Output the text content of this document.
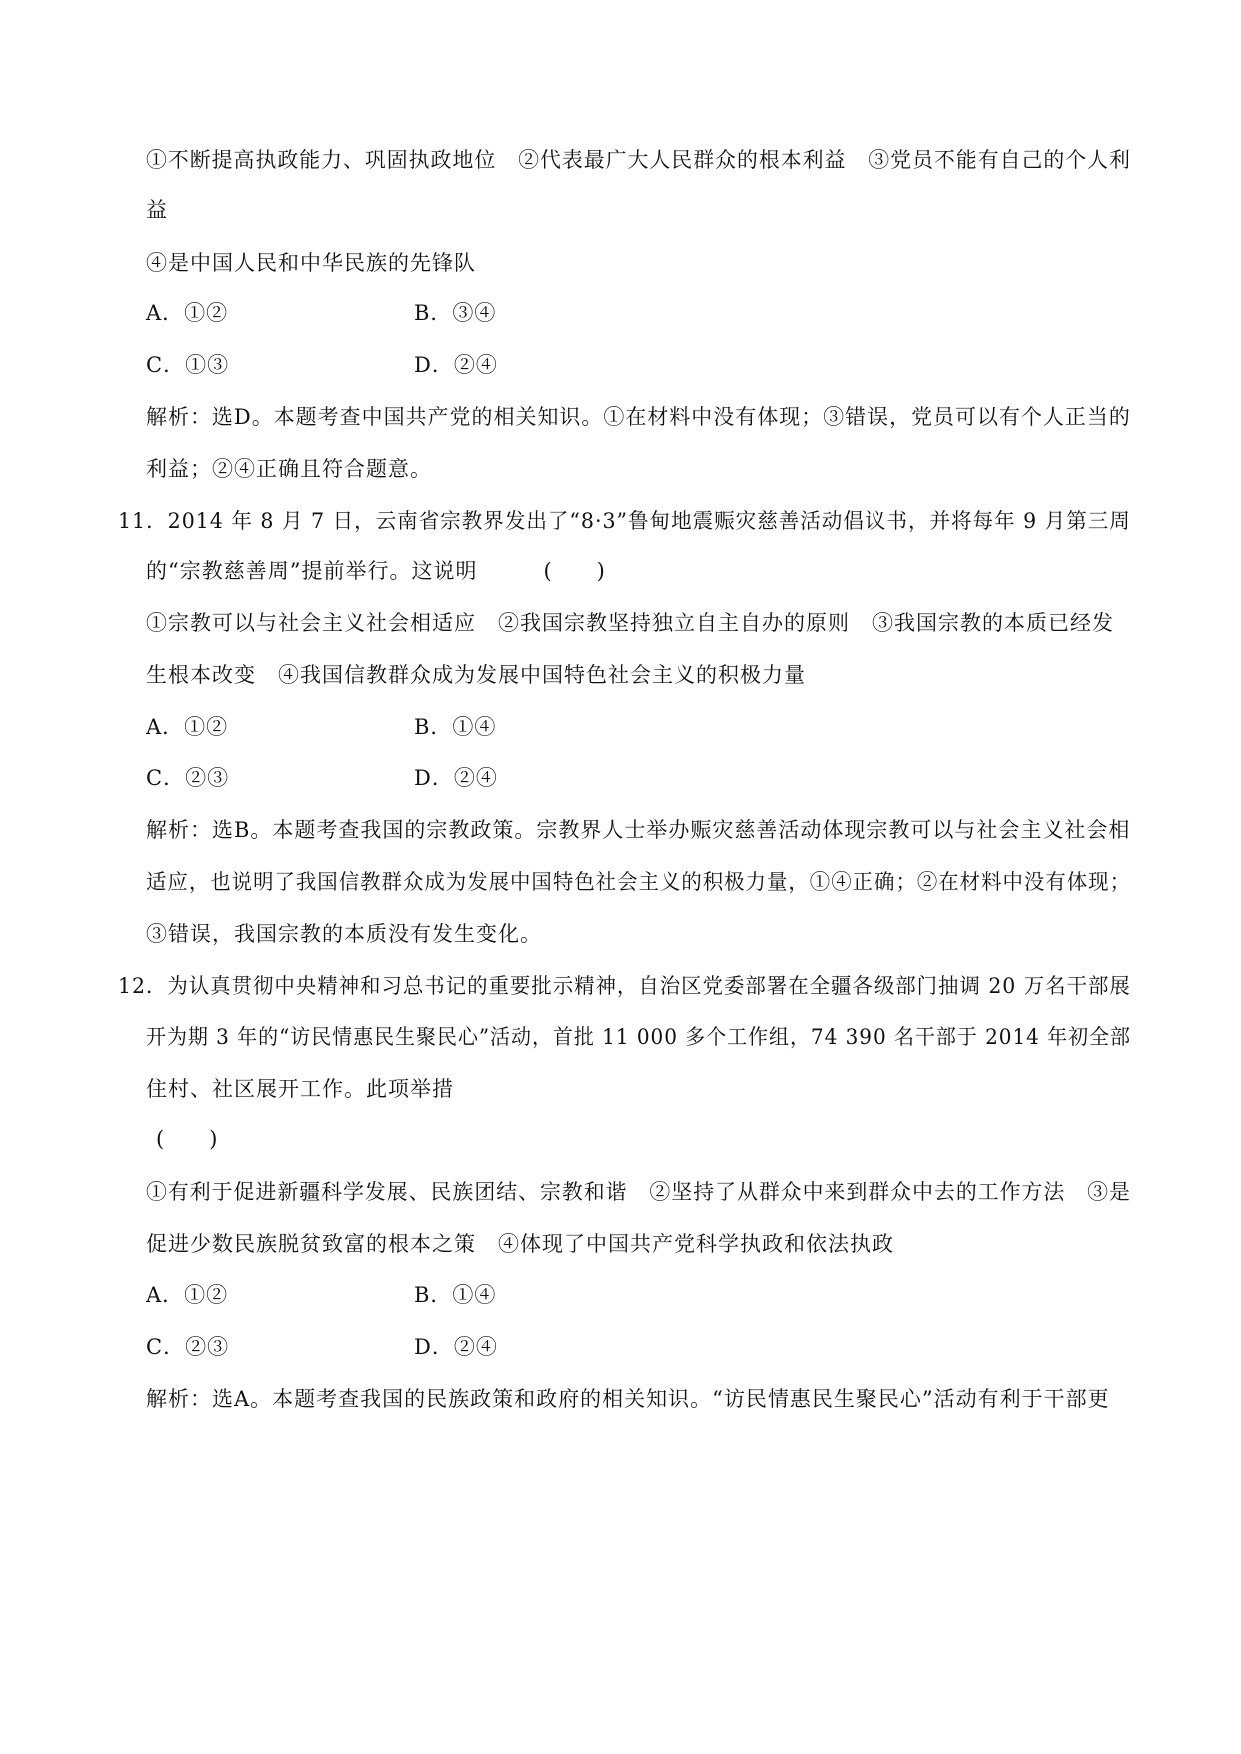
①不断提高执政能力、巩固执政地位　②代表最广大人民群众的根本利益　③党员不能有自己的个人利
益
④是中国人民和中华民族的先锋队
A．①②	B．③④
C．①③	D．②④
解析：选D。本题考查中国共产党的相关知识。①在材料中没有体现；③错误，党员可以有个人正当的
利益；②④正确且符合题意。
11．2014 年 8 月 7 日，云南省宗教界发出了“8·3”鲁甸地震赈灾慈善活动倡议书，并将每年 9 月第三周
的“宗教慈善周”提前举行。这说明　　　(　　)
①宗教可以与社会主义社会相适应　②我国宗教坚持独立自主自办的原则　③我国宗教的本质已经发
生根本改变　④我国信教群众成为发展中国特色社会主义的积极力量
A．①②	B．①④
C．②③	D．②④
解析：选B。本题考查我国的宗教政策。宗教界人士举办赈灾慈善活动体现宗教可以与社会主义社会相
适应，也说明了我国信教群众成为发展中国特色社会主义的积极力量，①④正确；②在材料中没有体现；
③错误，我国宗教的本质没有发生变化。
12．为认真贯彻中央精神和习总书记的重要批示精神，自治区党委部署在全疆各级部门抽调 20 万名干部展
开为期 3 年的“访民情惠民生聚民心”活动，首批 11 000 多个工作组，74 390 名干部于 2014 年初全部
住村、社区展开工作。此项举措
(　　)
①有利于促进新疆科学发展、民族团结、宗教和谐　②坚持了从群众中来到群众中去的工作方法　③是
促进少数民族脱贫致富的根本之策　④体现了中国共产党科学执政和依法执政
A．①②	B．①④
C．②③	D．②④
解析：选A。本题考查我国的民族政策和政府的相关知识。“访民情惠民生聚民心”活动有利于干部更
